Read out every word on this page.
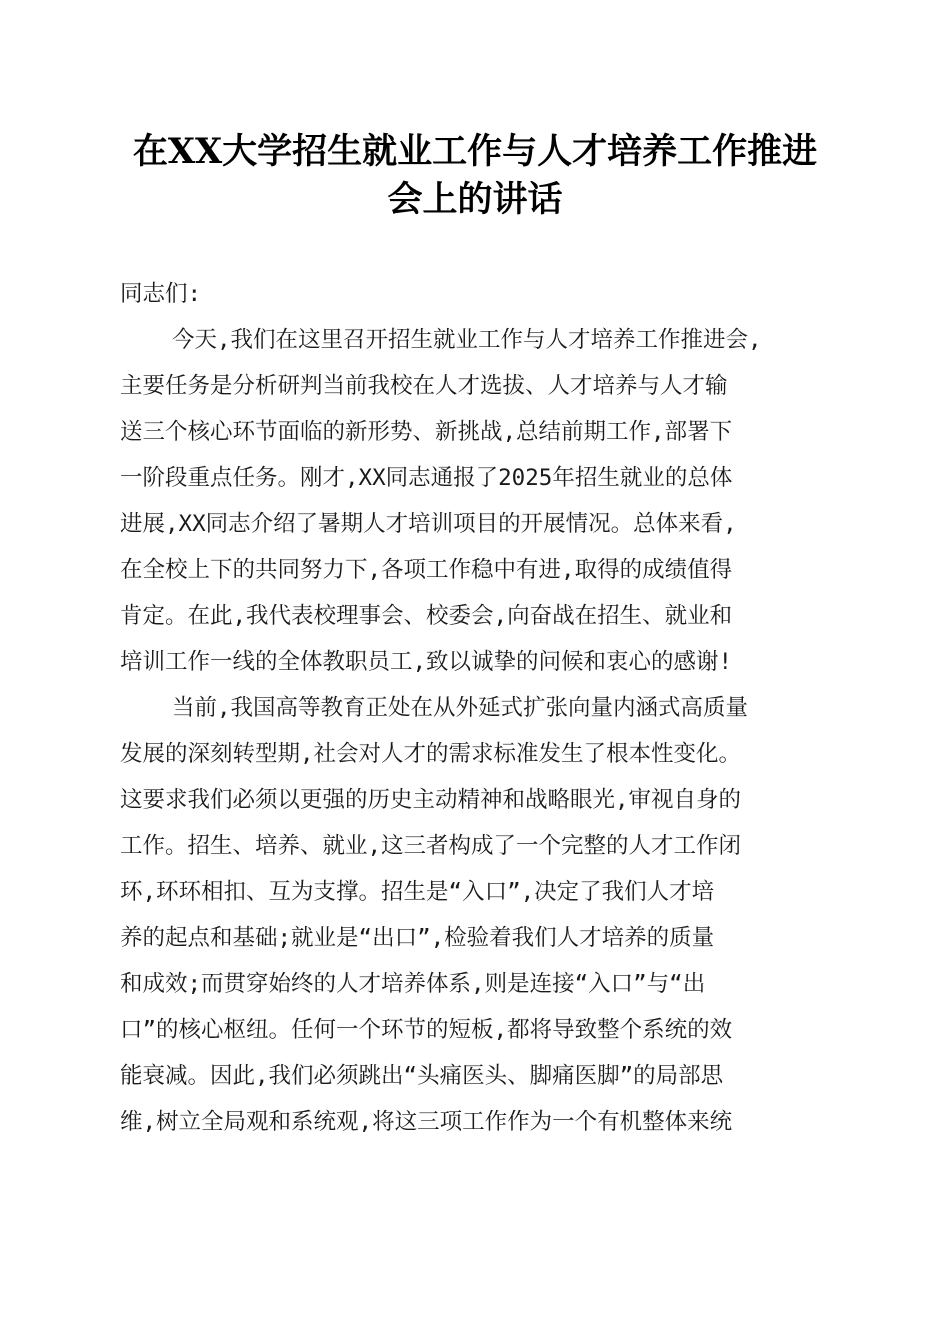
在XX大学招生就业工作与人才培养工作推进
会上的讲话
同志们:
今天,我们在这里召开招生就业工作与人才培养工作推进会,
主要任务是分析研判当前我校在人才选拔、人才培养与人才输
送三个核心环节面临的新形势、新挑战,总结前期工作,部署下
一阶段重点任务。刚才,XX同志通报了2025年招生就业的总体
进展,XX同志介绍了暑期人才培训项目的开展情况。总体来看,
在全校上下的共同努力下,各项工作稳中有进,取得的成绩值得
肯定。在此,我代表校理事会、校委会,向奋战在招生、就业和
培训工作一线的全体教职员工,致以诚挚的问候和衷心的感谢!
当前,我国高等教育正处在从外延式扩张向量内涵式高质量
发展的深刻转型期,社会对人才的需求标准发生了根本性变化。
这要求我们必须以更强的历史主动精神和战略眼光,审视自身的
工作。招生、培养、就业,这三者构成了一个完整的人才工作闭
环,环环相扣、互为支撑。招生是“入口”,决定了我们人才培
养的起点和基础;就业是“出口”,检验着我们人才培养的质量
和成效;而贯穿始终的人才培养体系,则是连接“入口”与“出
口”的核心枢纽。任何一个环节的短板,都将导致整个系统的效
能衰减。因此,我们必须跳出“头痛医头、脚痛医脚”的局部思
维,树立全局观和系统观,将这三项工作作为一个有机整体来统
